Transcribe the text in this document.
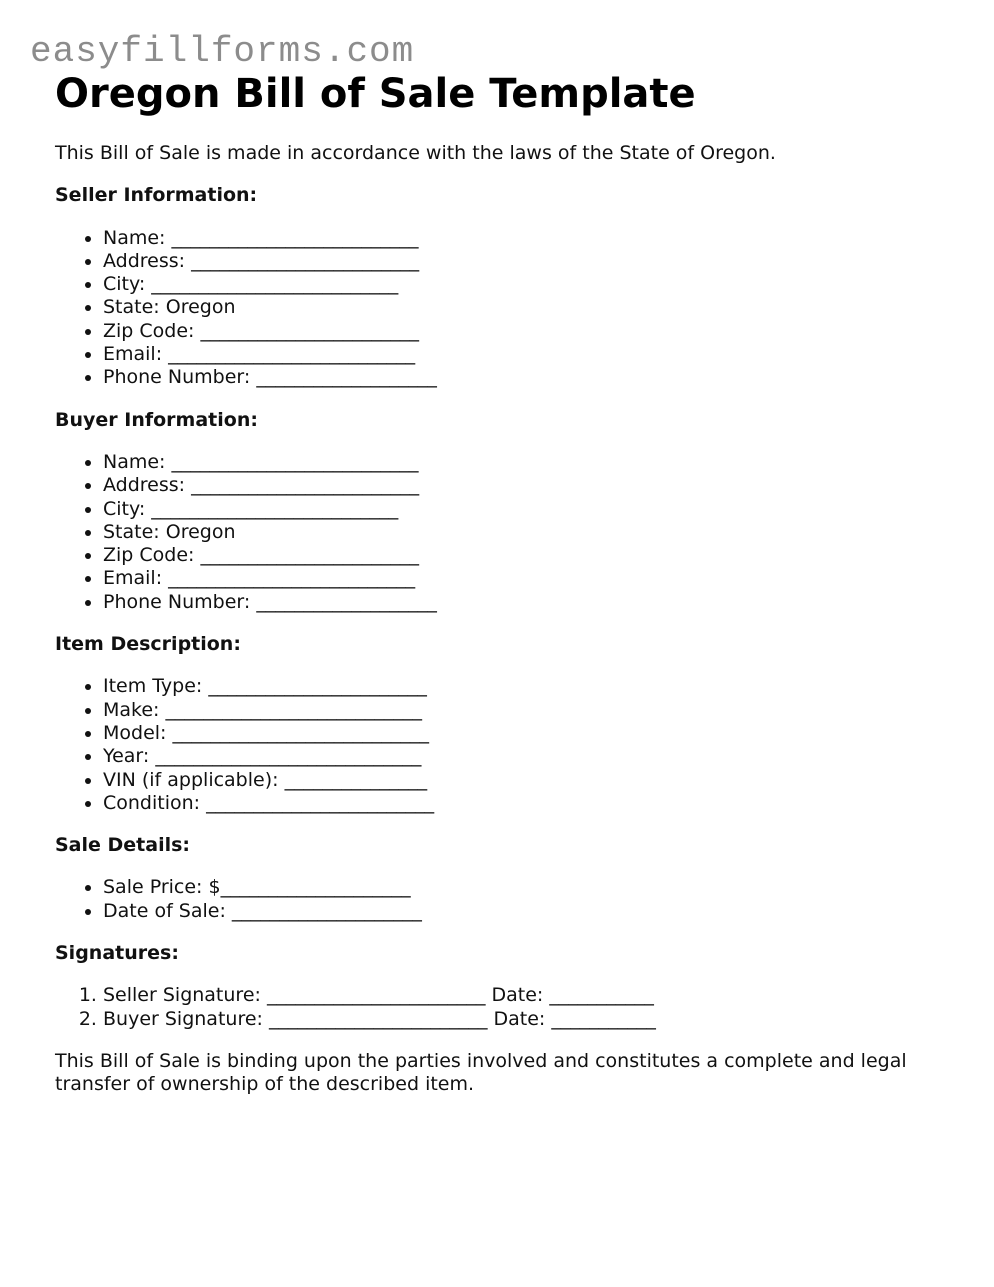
easyfillforms.com
Oregon Bill of Sale Template

This Bill of Sale is made in accordance with the laws of the State of Oregon.

Seller Information:
• Name: __________________________
• Address: ________________________
• City: __________________________
• State: Oregon
• Zip Code: _______________________
• Email: __________________________
• Phone Number: ___________________
Buyer Information:
• Name: __________________________
• Address: ________________________
• City: __________________________
• State: Oregon
• Zip Code: _______________________
• Email: __________________________
• Phone Number: ___________________
Item Description:
• Item Type: _______________________
• Make: ___________________________
• Model: ___________________________
• Year: ____________________________
• VIN (if applicable): _______________
• Condition: ________________________
Sale Details:
• Sale Price: $____________________
• Date of Sale: ____________________
Signatures:
1. Seller Signature: _______________________ Date: ___________
2. Buyer Signature: _______________________ Date: ___________

This Bill of Sale is binding upon the parties involved and constitutes a complete and legal transfer of ownership of the described item.
